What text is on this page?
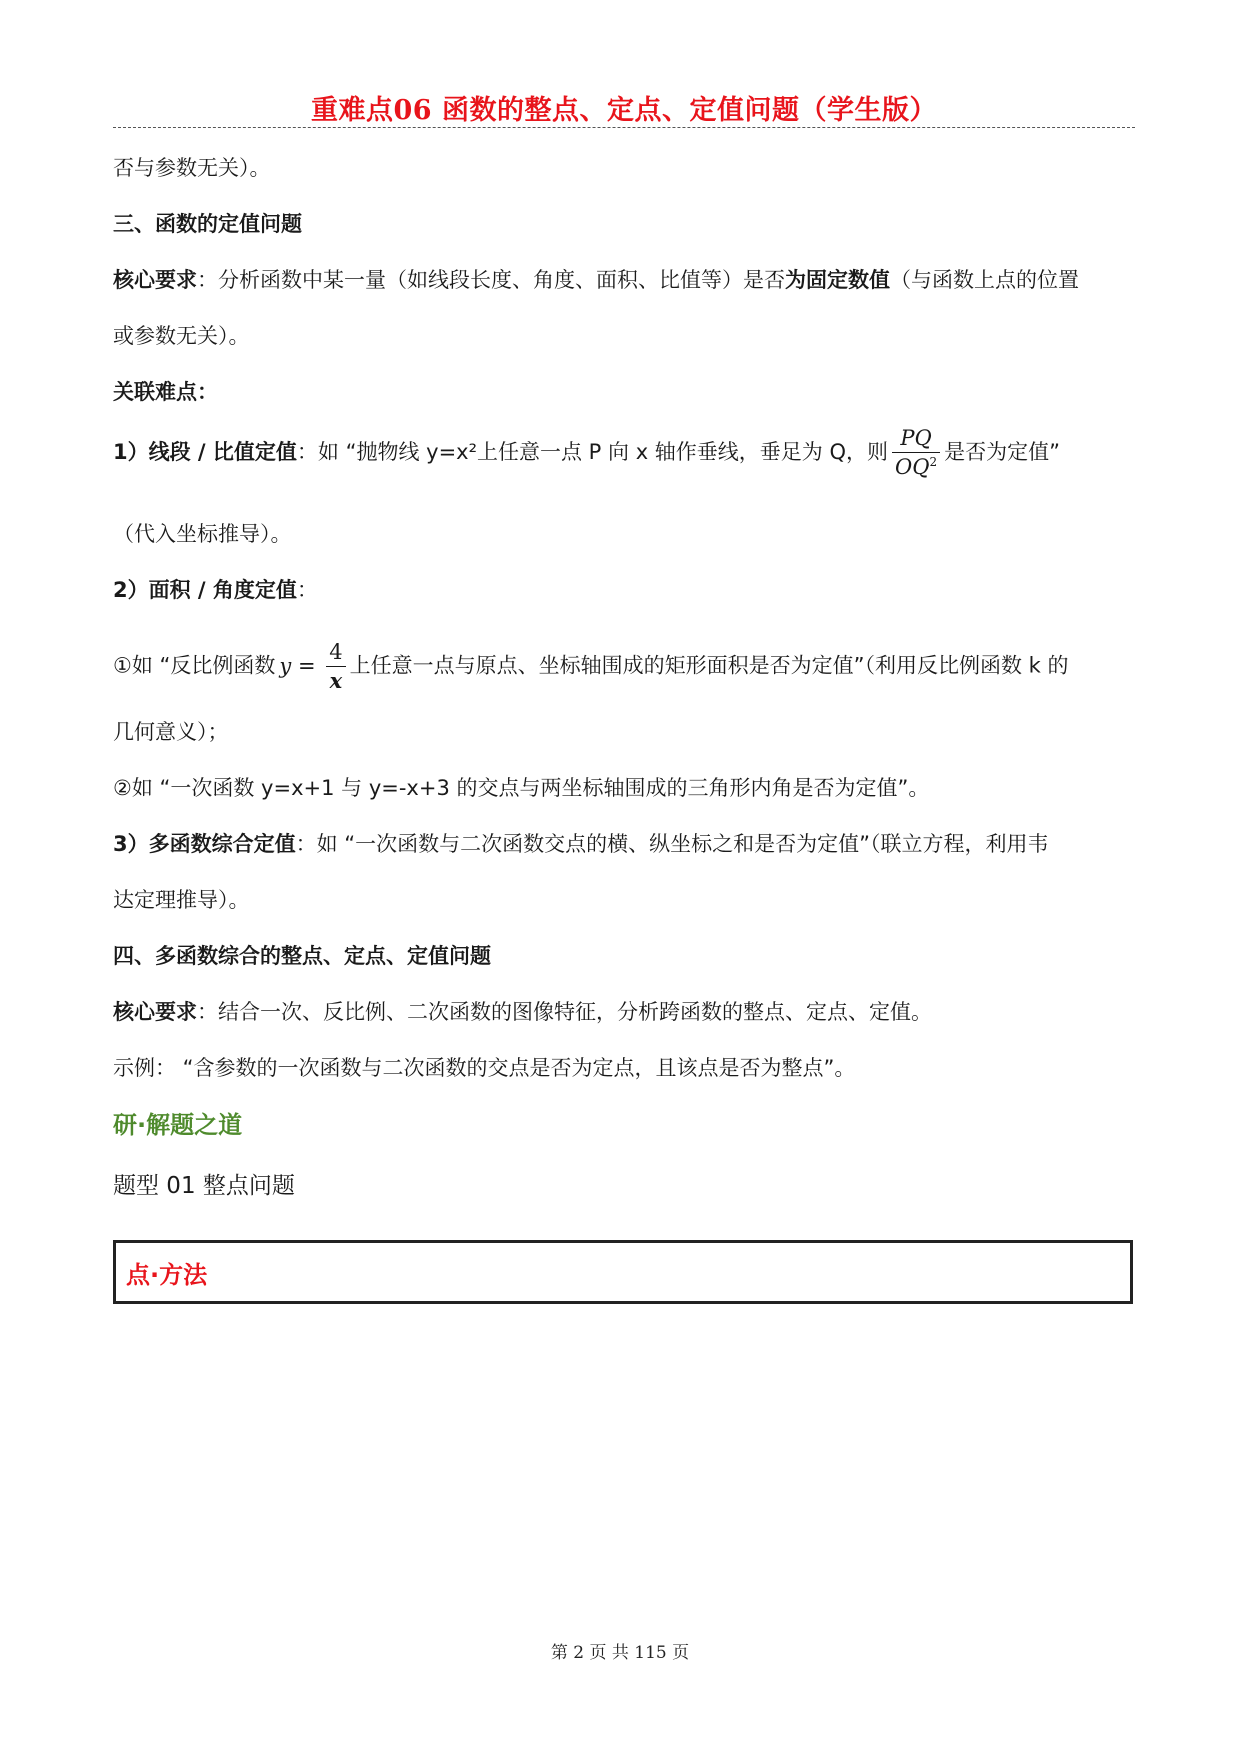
重难点06 函数的整点、定点、定值问题（学生版）
否与参数无关）。
三、函数的定值问题
核心要求：分析函数中某一量（如线段长度、角度、面积、比值等）是否为固定数值（与函数上点的位置
或参数无关）。
关联难点：
1）线段 / 比值定值：如 “抛物线 y=x²上任意一点 P 向 x 轴作垂线，垂足为 Q，则 $\frac{PQ}{OQ^2}$ 是否为定值”
（代入坐标推导）。
2）面积 / 角度定值：
①如 “反比例函数 $y = \frac{4}{x}$ 上任意一点与原点、坐标轴围成的矩形面积是否为定值”（利用反比例函数 k 的
几何意义）；
②如 “一次函数 y=x+1 与 y=-x+3 的交点与两坐标轴围成的三角形内角是否为定值”。
3）多函数综合定值：如 “一次函数与二次函数交点的横、纵坐标之和是否为定值”（联立方程，利用韦
达定理推导）。
四、多函数综合的整点、定点、定值问题
核心要求：结合一次、反比例、二次函数的图像特征，分析跨函数的整点、定点、定值。
示例： “含参数的一次函数与二次函数的交点是否为定点，且该点是否为整点”。
研·解题之道
题型 01 整点问题
点·方法
第 2 页 共 115 页
